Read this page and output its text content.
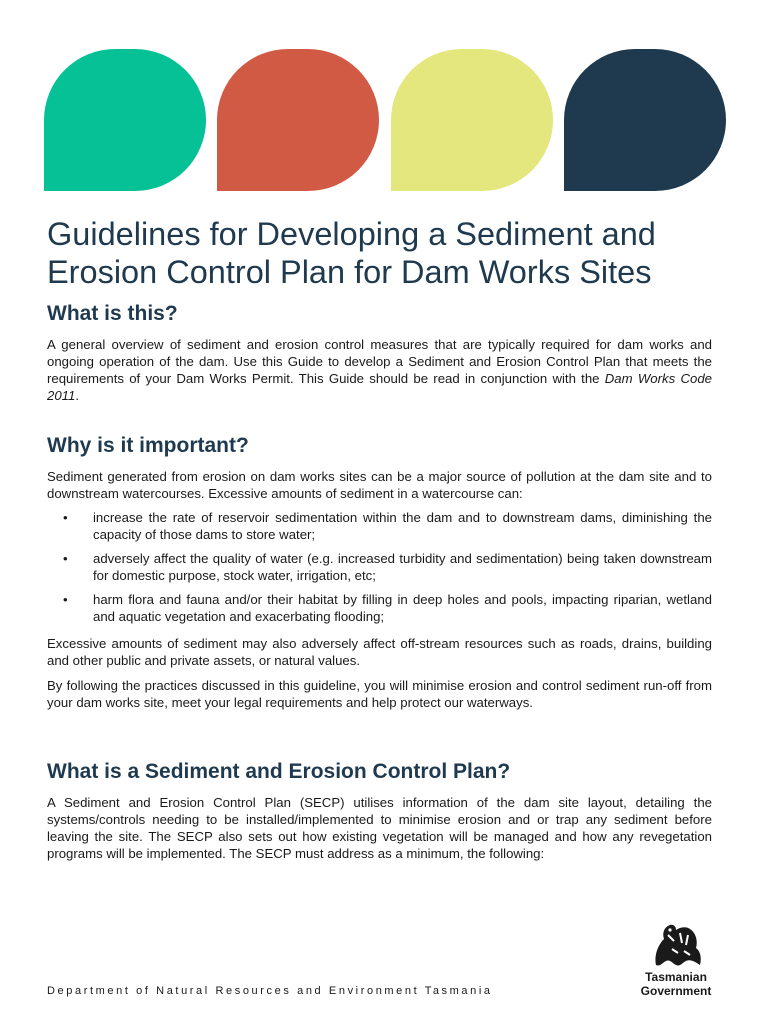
Guidelines for Developing a Sediment and
Erosion Control Plan for Dam Works Sites
What is this?

A general overview of sediment and erosion control measures that are typically required for dam works and ongoing operation of the dam. Use this Guide to develop a Sediment and Erosion Control Plan that meets the requirements of your Dam Works Permit. This Guide should be read in conjunction with the Dam Works Code 2011.

Why is it important?

Sediment generated from erosion on dam works sites can be a major source of pollution at the dam site and to downstream watercourses. Excessive amounts of sediment in a watercourse can:

• increase the rate of reservoir sedimentation within the dam and to downstream dams, diminishing the capacity of those dams to store water;
• adversely affect the quality of water (e.g. increased turbidity and sedimentation) being taken downstream for domestic purpose, stock water, irrigation, etc;
• harm flora and fauna and/or their habitat by filling in deep holes and pools, impacting riparian, wetland and aquatic vegetation and exacerbating flooding;

Excessive amounts of sediment may also adversely affect off-stream resources such as roads, drains, building and other public and private assets, or natural values.

By following the practices discussed in this guideline, you will minimise erosion and control sediment run-off from your dam works site, meet your legal requirements and help protect our waterways.

What is a Sediment and Erosion Control Plan?

A Sediment and Erosion Control Plan (SECP) utilises information of the dam site layout, detailing the systems/controls needing to be installed/implemented to minimise erosion and or trap any sediment before leaving the site. The SECP also sets out how existing vegetation will be managed and how any revegetation programs will be implemented. The SECP must address as a minimum, the following:

Department of Natural Resources and Environment Tasmania
Tasmanian
Government
